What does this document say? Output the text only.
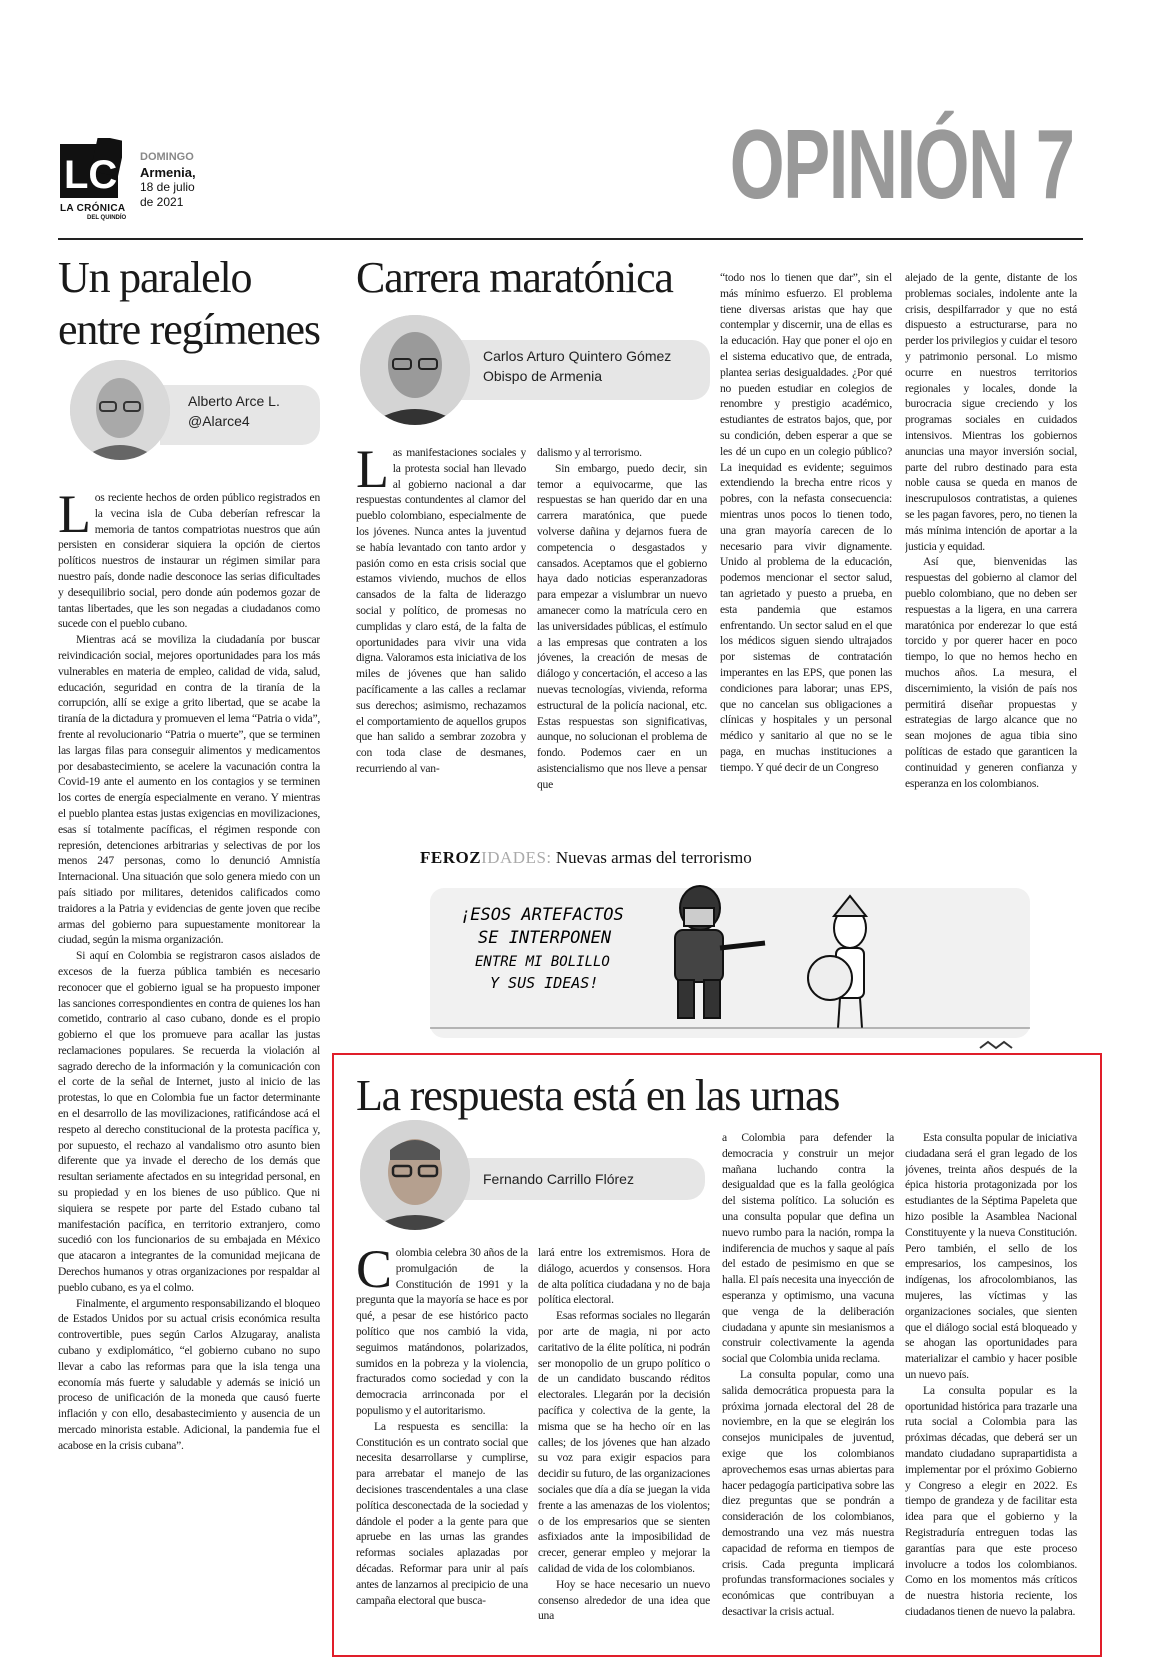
LC
LA CRÓNICA
DEL QUINDÍO
DOMINGO
Armenia,
18 de julio
de 2021	OPINIÓN 7
Un paralelo entre regímenes
Alberto Arce L.
@Alarce4

Los reciente hechos de orden público registrados en la vecina isla de Cuba deberían refrescar la memoria de tantos compatriotas nuestros que aún persisten en considerar siquiera la opción de ciertos políticos nuestros de instaurar un régimen similar para nuestro país, donde nadie desconoce las serias dificultades y desequilibrio social, pero donde aún podemos gozar de tantas libertades, que les son negadas a ciudadanos como sucede con el pueblo cubano.

Mientras acá se moviliza la ciudadanía por buscar reivindicación social, mejores oportunidades para los más vulnerables en materia de empleo, calidad de vida, salud, educación, seguridad en contra de la tiranía de la corrupción, allí se exige a grito libertad, que se acabe la tiranía de la dictadura y promueven el lema “Patria o vida”, frente al revolucionario “Patria o muerte”, que se terminen las largas filas para conseguir alimentos y medicamentos por desabastecimiento, se acelere la vacunación contra la Covid-19 ante el aumento en los contagios y se terminen los cortes de energía especialmente en verano. Y mientras el pueblo plantea estas justas exigencias en movilizaciones, esas sí totalmente pacíficas, el régimen responde con represión, detenciones arbitrarias y selectivas de por los menos 247 personas, como lo denunció Amnistía Internacional. Una situación que solo genera miedo con un país sitiado por militares, detenidos calificados como traidores a la Patria y evidencias de gente joven que recibe armas del gobierno para supuestamente monitorear la ciudad, según la misma organización.

Si aquí en Colombia se registraron casos aislados de excesos de la fuerza pública también es necesario reconocer que el gobierno igual se ha propuesto imponer las sanciones correspondientes en contra de quienes los han cometido, contrario al caso cubano, donde es el propio gobierno el que los promueve para acallar las justas reclamaciones populares. Se recuerda la violación al sagrado derecho de la información y la comunicación con el corte de la señal de Internet, justo al inicio de las protestas, lo que en Colombia fue un factor determinante en el desarrollo de las movilizaciones, ratificándose acá el respeto al derecho constitucional de la protesta pacífica y, por supuesto, el rechazo al vandalismo otro asunto bien diferente que ya invade el derecho de los demás que resultan seriamente afectados en su integridad personal, en su propiedad y en los bienes de uso público. Que ni siquiera se respete por parte del Estado cubano tal manifestación pacífica, en territorio extranjero, como sucedió con los funcionarios de su embajada en México que atacaron a integrantes de la comunidad mejicana de Derechos humanos y otras organizaciones por respaldar al pueblo cubano, es ya el colmo.

Finalmente, el argumento responsabilizando el bloqueo de Estados Unidos por su actual crisis económica resulta controvertible, pues según Carlos Alzugaray, analista cubano y exdiplomático, “el gobierno cubano no supo llevar a cabo las reformas para que la isla tenga una economía más fuerte y saludable y además se inició un proceso de unificación de la moneda que causó fuerte inflación y con ello, desabastecimiento y ausencia de un mercado minorista estable. Adicional, la pandemia fue el acabose en la crisis cubana”.

Carrera maratónica
Carlos Arturo Quintero Gómez
Obispo de Armenia

Las manifestaciones sociales y la protesta social han llevado al gobierno nacional a dar respuestas contundentes al clamor del pueblo colombiano, especialmente de los jóvenes. Nunca antes la juventud se había levantado con tanto ardor y pasión como en esta crisis social que estamos viviendo, muchos de ellos cansados de la falta de liderazgo social y político, de promesas no cumplidas y claro está, de la falta de oportunidades para vivir una vida digna. Valoramos esta iniciativa de los miles de jóvenes que han salido pacíficamente a las calles a reclamar sus derechos; asimismo, rechazamos el comportamiento de aquellos grupos que han salido a sembrar zozobra y con toda clase de desmanes, recurriendo al van-

dalismo y al terrorismo.

Sin embargo, puedo decir, sin temor a equivocarme, que las respuestas se han querido dar en una carrera maratónica, que puede volverse dañina y dejarnos fuera de competencia o desgastados y cansados. Aceptamos que el gobierno haya dado noticias esperanzadoras para empezar a vislumbrar un nuevo amanecer como la matrícula cero en las universidades públicas, el estímulo a las empresas que contraten a los jóvenes, la creación de mesas de diálogo y concertación, el acceso a las nuevas tecnologías, vivienda, reforma estructural de la policía nacional, etc. Estas respuestas son significativas, aunque, no solucionan el problema de fondo. Podemos caer en un asistencialismo que nos lleve a pensar que

“todo nos lo tienen que dar”, sin el más mínimo esfuerzo. El problema tiene diversas aristas que hay que contemplar y discernir, una de ellas es la educación. Hay que poner el ojo en el sistema educativo que, de entrada, plantea serias desigualdades. ¿Por qué no pueden estudiar en colegios de renombre y prestigio académico, estudiantes de estratos bajos, que, por su condición, deben esperar a que se les dé un cupo en un colegio público? La inequidad es evidente; seguimos extendiendo la brecha entre ricos y pobres, con la nefasta consecuencia: mientras unos pocos lo tienen todo, una gran mayoría carecen de lo necesario para vivir dignamente. Unido al problema de la educación, podemos mencionar el sector salud, tan agrietado y puesto a prueba, en esta pandemia que estamos enfrentando. Un sector salud en el que los médicos siguen siendo ultrajados por sistemas de contratación imperantes en las EPS, que ponen las condiciones para laborar; unas EPS, que no cancelan sus obligaciones a clínicas y hospitales y un personal médico y sanitario al que no se le paga, en muchas instituciones a tiempo. Y qué decir de un Congreso

alejado de la gente, distante de los problemas sociales, indolente ante la crisis, despilfarrador y que no está dispuesto a estructurarse, para no perder los privilegios y cuidar el tesoro y patrimonio personal. Lo mismo ocurre en nuestros territorios regionales y locales, donde la burocracia sigue creciendo y los programas sociales en cuidados intensivos. Mientras los gobiernos anuncias una mayor inversión social, parte del rubro destinado para esta noble causa se queda en manos de inescrupulosos contratistas, a quienes se les pagan favores, pero, no tienen la más mínima intención de aportar a la justicia y equidad.

Así que, bienvenidas las respuestas del gobierno al clamor del pueblo colombiano, que no deben ser respuestas a la ligera, en una carrera maratónica por enderezar lo que está torcido y por querer hacer en poco tiempo, lo que no hemos hecho en muchos años. La mesura, el discernimiento, la visión de país nos permitirá diseñar propuestas y estrategias de largo alcance que no sean mojones de agua tibia sino políticas de estado que garanticen la continuidad y generen confianza y esperanza en los colombianos.

FEROZIDADES: Nuevas armas del terrorismo
¡ESOS ARTEFACTOS
SE INTERPONEN
ENTRE MI BOLILLO
Y SUS IDEAS!
La respuesta está en las urnas
Fernando Carrillo Flórez

Colombia celebra 30 años de la promulgación de la Constitución de 1991 y la pregunta que la mayoría se hace es por qué, a pesar de ese histórico pacto político que nos cambió la vida, seguimos matándonos, polarizados, sumidos en la pobreza y la violencia, fracturados como sociedad y con la democracia arrinconada por el populismo y el autoritarismo.

La respuesta es sencilla: la Constitución es un contrato social que necesita desarrollarse y cumplirse, para arrebatar el manejo de las decisiones trascendentales a una clase política desconectada de la sociedad y dándole el poder a la gente para que apruebe en las urnas las grandes reformas sociales aplazadas por décadas. Reformar para unir al país antes de lanzarnos al precipicio de una campaña electoral que busca-

lará entre los extremismos. Hora de diálogo, acuerdos y consensos. Hora de alta política ciudadana y no de baja política electoral.

Esas reformas sociales no llegarán por arte de magia, ni por acto caritativo de la élite política, ni podrán ser monopolio de un grupo político o de un candidato buscando réditos electorales. Llegarán por la decisión pacífica y colectiva de la gente, la misma que se ha hecho oír en las calles; de los jóvenes que han alzado su voz para exigir espacios para decidir su futuro, de las organizaciones sociales que día a día se juegan la vida frente a las amenazas de los violentos; o de los empresarios que se sienten asfixiados ante la imposibilidad de crecer, generar empleo y mejorar la calidad de vida de los colombianos.

Hoy se hace necesario un nuevo consenso alrededor de una idea que una

a Colombia para defender la democracia y construir un mejor mañana luchando contra la desigualdad que es la falla geológica del sistema político. La solución es una consulta popular que defina un nuevo rumbo para la nación, rompa la indiferencia de muchos y saque al país del estado de pesimismo en que se halla. El país necesita una inyección de esperanza y optimismo, una vacuna que venga de la deliberación ciudadana y apunte sin mesianismos a construir colectivamente la agenda social que Colombia unida reclama.

La consulta popular, como una salida democrática propuesta para la próxima jornada electoral del 28 de noviembre, en la que se elegirán los consejos municipales de juventud, exige que los colombianos aprovechemos esas urnas abiertas para hacer pedagogía participativa sobre las diez preguntas que se pondrán a consideración de los colombianos, demostrando una vez más nuestra capacidad de reforma en tiempos de crisis. Cada pregunta implicará profundas transformaciones sociales y económicas que contribuyan a desactivar la crisis actual.

Esta consulta popular de iniciativa ciudadana será el gran legado de los jóvenes, treinta años después de la épica historia protagonizada por los estudiantes de la Séptima Papeleta que hizo posible la Asamblea Nacional Constituyente y la nueva Constitución. Pero también, el sello de los empresarios, los campesinos, los indígenas, los afrocolombianos, las mujeres, las víctimas y las organizaciones sociales, que sienten que el diálogo social está bloqueado y se ahogan las oportunidades para materializar el cambio y hacer posible un nuevo país.

La consulta popular es la oportunidad histórica para trazarle una ruta social a Colombia para las próximas décadas, que deberá ser un mandato ciudadano suprapartidista a implementar por el próximo Gobierno y Congreso a elegir en 2022. Es tiempo de grandeza y de facilitar esta idea para que el gobierno y la Registraduría entreguen todas las garantías para que este proceso involucre a todos los colombianos. Como en los momentos más críticos de nuestra historia reciente, los ciudadanos tienen de nuevo la palabra.
